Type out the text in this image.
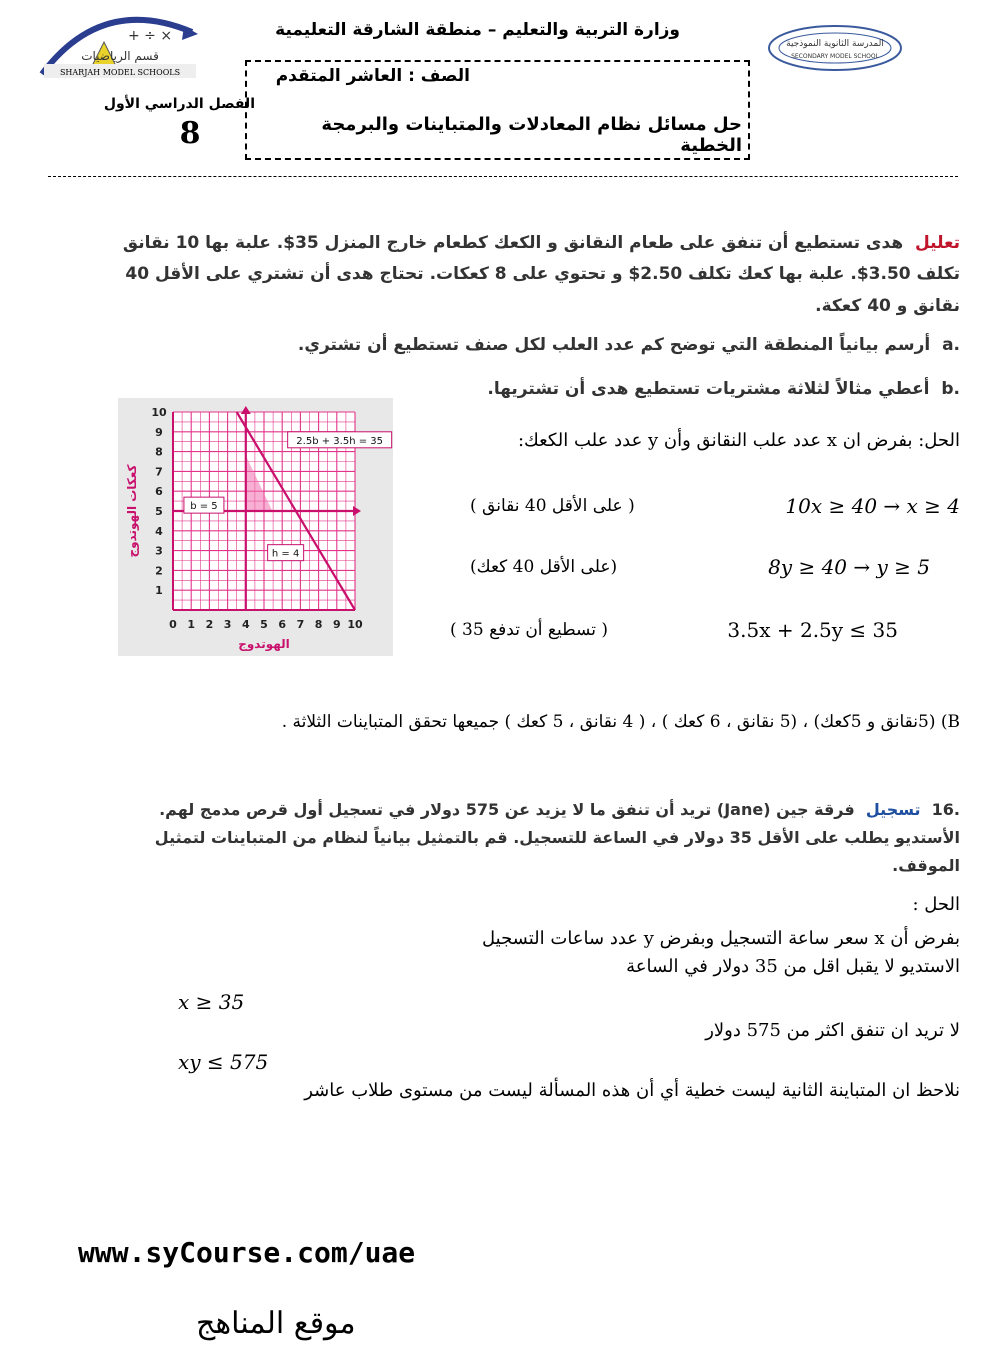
+ ÷ ×
قسم الرياضيات
SHARJAH MODEL SCHOOLS
المدرسة الثانوية النموذجية
SECONDARY MODEL SCHOOL
وزارة التربية والتعليم – منطقة الشارقة التعليمية
الصف : العاشر المتقدم
حل مسائل نظام المعادلات والمتباينات والبرمجة الخطية
الفصل الدراسي الأول
8
تعليل  هدى تستطيع أن تنفق على طعام النقانق و الكعك كطعام خارج المنزل 35$. علبة بها 10 نقانق تكلف 3.50$. علبة بها كعك تكلف 2.50$ و تحتوي على 8 كعكات. تحتاج هدى أن تشتري على الأقل 40 نقانق و 40 كعكة.
a.  أرسم بيانياً المنطقة التي توضح كم عدد العلب لكل صنف تستطيع أن تشتري.
b.  أعطي مثالاً لثلاثة مشتريات تستطيع هدى أن تشتريها.
0 1 2 3 4 5 6 7 8 9 10
1
2
3
4
5
6
7
8
9
10
2.5b + 3.5h = 35
b = 5
h = 4
الهوتدوج
كعكات الهوتدوج
الحل: بفرض ان x عدد علب النقانق وأن y عدد علب الكعك:
( على الأقل 40 نقانق )	10x ≥ 40 → x ≥ 4
(على الأقل 40 كعك)	8y ≥ 40 → y ≥ 5
( تسطيع أن تدفع 35 )	3.5x + 2.5y ≤ 35
B) (5نقانق و 5كعك) ، (5 نقانق ، 6 كعك ) ، ( 4 نقانق ، 5 كعك ) جميعها تحقق المتباينات الثلاثة .
16.  تسجيل  فرقة جين (Jane) تريد أن تنفق ما لا يزيد عن 575 دولار في تسجيل أول قرص مدمج لهم. الأستديو يطلب على الأقل 35 دولار في الساعة للتسجيل. قم بالتمثيل بيانياً لنظام من المتباينات لتمثيل الموقف.
الحل :
بفرض أن x سعر ساعة التسجيل وبفرض y عدد ساعات التسجيل
الاستديو لا يقبل اقل من 35 دولار في الساعة
x ≥ 35
لا تريد ان تنفق اكثر من 575 دولار
xy ≤ 575
نلاحظ ان المتباينة الثانية ليست خطية أي أن هذه المسألة ليست من مستوى طلاب عاشر
www.syCourse.com/uae
موقع المناهج
